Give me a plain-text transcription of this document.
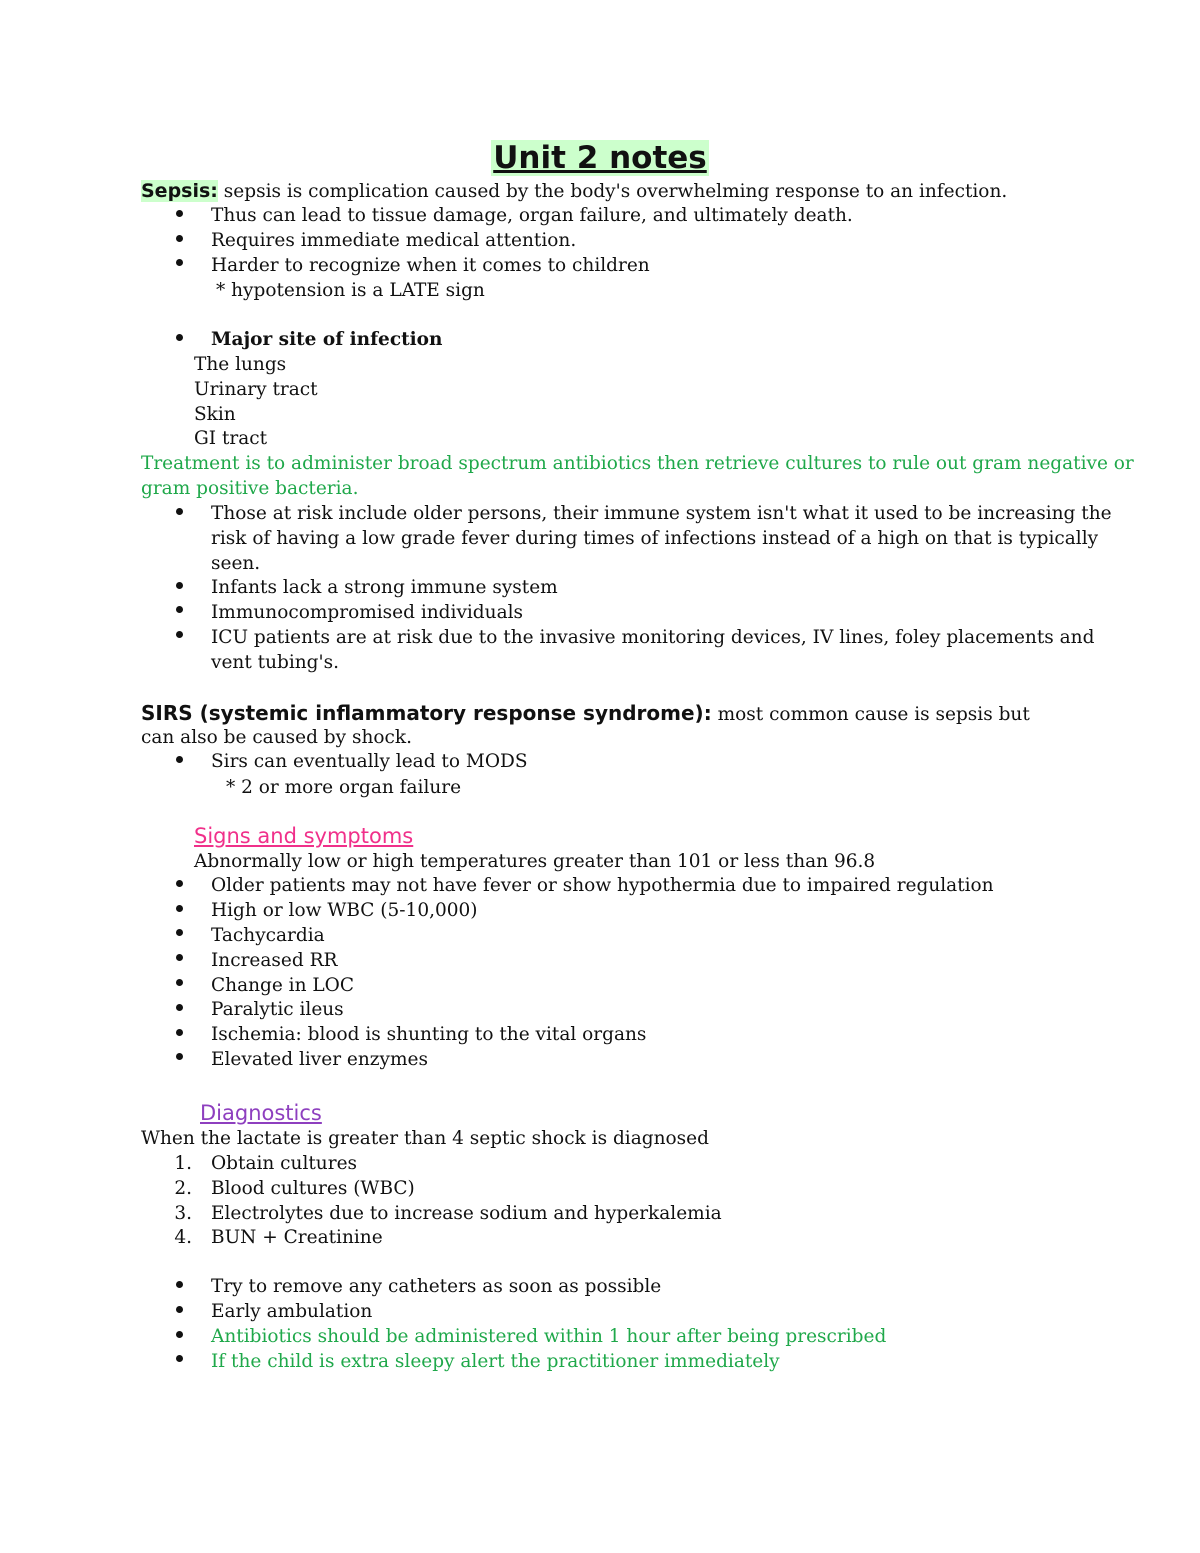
Unit 2 notes
Sepsis: sepsis is complication caused by the body's overwhelming response to an infection.
Thus can lead to tissue damage, organ failure, and ultimately death.
Requires immediate medical attention.
Harder to recognize when it comes to children
* hypotension is a LATE sign
Major site of infection
The lungs
Urinary tract
Skin
GI tract
Treatment is to administer broad spectrum antibiotics then retrieve cultures to rule out gram negative or
gram positive bacteria.
Those at risk include older persons, their immune system isn't what it used to be increasing the
risk of having a low grade fever during times of infections instead of a high on that is typically
seen.
Infants lack a strong immune system
Immunocompromised individuals
ICU patients are at risk due to the invasive monitoring devices, IV lines, foley placements and
vent tubing's.
SIRS (systemic inflammatory response syndrome): most common cause is sepsis but
can also be caused by shock.
Sirs can eventually lead to MODS
* 2 or more organ failure
Signs and symptoms
Abnormally low or high temperatures greater than 101 or less than 96.8
Older patients may not have fever or show hypothermia due to impaired regulation
High or low WBC (5-10,000)
Tachycardia
Increased RR
Change in LOC
Paralytic ileus
Ischemia: blood is shunting to the vital organs
Elevated liver enzymes
Diagnostics
When the lactate is greater than 4 septic shock is diagnosed
1. Obtain cultures
2. Blood cultures (WBC)
3. Electrolytes due to increase sodium and hyperkalemia
4. BUN + Creatinine
Try to remove any catheters as soon as possible
Early ambulation
Antibiotics should be administered within 1 hour after being prescribed
If the child is extra sleepy alert the practitioner immediately
